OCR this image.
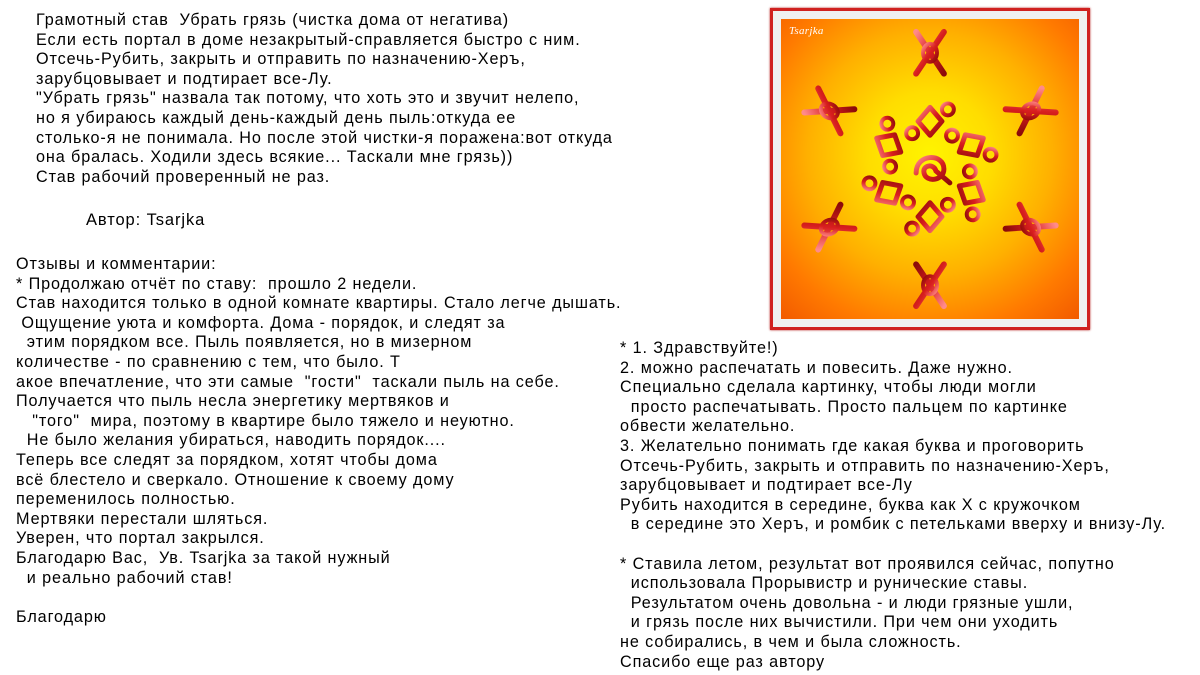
Грамотный став  Убрать грязь (чистка дома от негатива)
Если есть портал в доме незакрытый-справляется быстро с ним.
Отсечь-Рубить, закрыть и отправить по назначению-Херъ,
зарубцовывает и подтирает все-Лу.
"Убрать грязь" назвала так потому, что хоть это и звучит нелепо,
но я убираюсь каждый день-каждый день пыль:откуда ее
столько-я не понимала. Но после этой чистки-я поражена:вот откуда
она бралась. Ходили здесь всякие... Таскали мне грязь))
Став рабочий проверенный не раз.
Автор: Tsarjka
Отзывы и комментарии:
* Продолжаю отчёт по ставу:  прошло 2 недели.
Став находится только в одной комнате квартиры. Стало легче дышать.
Ощущение уюта и комфорта. Дома - порядок, и следят за
этим порядком все. Пыль появляется, но в мизерном
количестве - по сравнению с тем, что было. Т
акое впечатление, что эти самые  "гости"  таскали пыль на себе.
Получается что пыль несла энергетику мертвяков и
"того"  мира, поэтому в квартире было тяжело и неуютно.
Не было желания убираться, наводить порядок....
Теперь все следят за порядком, хотят чтобы дома
всё блестело и сверкало. Отношение к своему дому
переменилось полностью.
Мертвяки перестали шляться.
Уверен, что портал закрылся.
Благодарю Вас,  Ув. Tsarjka за такой нужный
и реально рабочий став!
Благодарю
* 1. Здравствуйте!)
2. можно распечатать и повесить. Даже нужно.
Специально сделала картинку, чтобы люди могли
просто распечатывать. Просто пальцем по картинке
обвести желательно.
3. Желательно понимать где какая буква и проговорить
Отсечь-Рубить, закрыть и отправить по назначению-Херъ,
зарубцовывает и подтирает все-Лу
Рубить находится в середине, буква как Х с кружочком
в середине это Херъ, и ромбик с петельками вверху и внизу-Лу.
* Ставила летом, результат вот проявился сейчас, попутно
использовала Прорывистр и рунические ставы.
Результатом очень довольна - и люди грязные ушли,
и грязь после них вычистили. При чем они уходить
не собирались, в чем и была сложность.
Спасибо еще раз автору
Tsarjka
